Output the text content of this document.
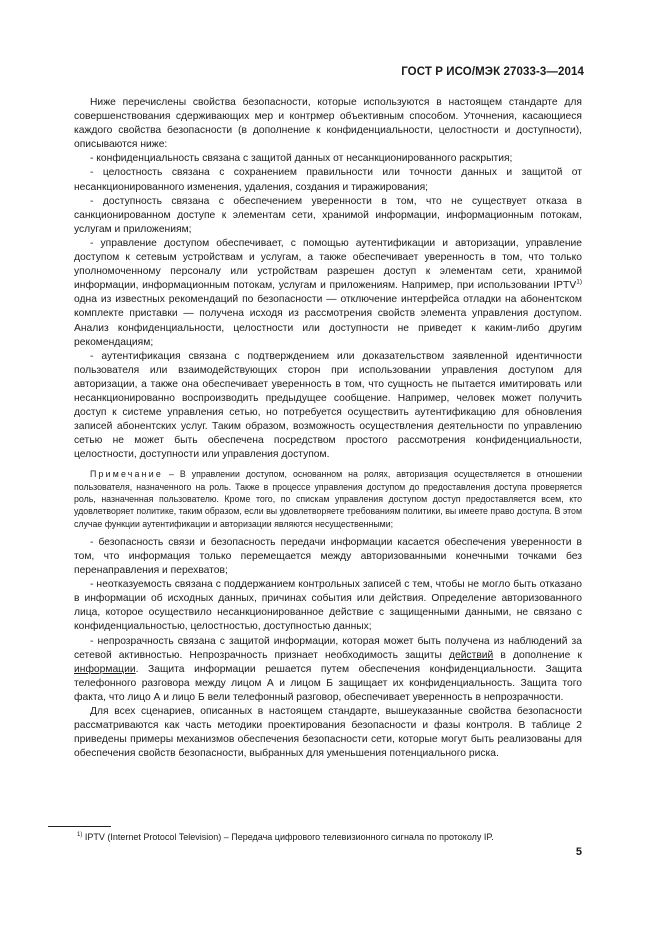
ГОСТ Р ИСО/МЭК 27033-3—2014

Ниже перечислены свойства безопасности, которые используются в настоящем стандарте для совершенствования сдерживающих мер и контрмер объективным способом. Уточнения, касающиеся каждого свойства безопасности (в дополнение к конфиденциальности, целостности и доступности), описываются ниже:

- конфиденциальность связана с защитой данных от несанкционированного раскрытия;

- целостность связана с сохранением правильности или точности данных и защитой от несанкционированного изменения, удаления, создания и тиражирования;

- доступность связана с обеспечением уверенности в том, что не существует отказа в санкционированном доступе к элементам сети, хранимой информации, информационным потокам, услугам и приложениям;

- управление доступом обеспечивает, с помощью аутентификации и авторизации, управление доступом к сетевым устройствам и услугам, а также обеспечивает уверенность в том, что только уполномоченному персоналу или устройствам разрешен доступ к элементам сети, хранимой информации, информационным потокам, услугам и приложениям. Например, при использовании IPTV$^{1)}$ одна из известных рекомендаций по безопасности — отключение интерфейса отладки на абонентском комплекте приставки — получена исходя из рассмотрения свойств элемента управления доступом. Анализ конфиденциальности, целостности или доступности не приведет к каким-либо другим рекомендациям;

- аутентификация связана с подтверждением или доказательством заявленной идентичности пользователя или взаимодействующих сторон при использовании управления доступом для авторизации, а также она обеспечивает уверенность в том, что сущность не пытается имитировать или несанкционированно воспроизводить предыдущее сообщение. Например, человек может получить доступ к системе управления сетью, но потребуется осуществить аутентификацию для обновления записей абонентских услуг. Таким образом, возможность осуществления деятельности по управлению сетью не может быть обеспечена посредством простого рассмотрения конфиденциальности, целостности, доступности или управления доступом.

Примечание – В управлении доступом, основанном на ролях, авторизация осуществляется в отношении пользователя, назначенного на роль. Также в процессе управления доступом до предоставления доступа проверяется роль, назначенная пользователю. Кроме того, по спискам управления доступом доступ предоставляется всем, кто удовлетворяет политике, таким образом, если вы удовлетворяете требованиям политики, вы имеете право доступа. В этом случае функции аутентификации и авторизации являются несущественными;

- безопасность связи и безопасность передачи информации касается обеспечения уверенности в том, что информация только перемещается между авторизованными конечными точками без перенаправления и перехватов;

- неотказуемость связана с поддержанием контрольных записей с тем, чтобы не могло быть отказано в информации об исходных данных, причинах события или действия. Определение авторизованного лица, которое осуществило несанкционированное действие с защищенными данными, не связано с конфиденциальностью, целостностью, доступностью данных;

- непрозрачность связана с защитой информации, которая может быть получена из наблюдений за сетевой активностью. Непрозрачность признает необходимость защиты действий в дополнение к информации. Защита информации решается путем обеспечения конфиденциальности. Защита телефонного разговора между лицом А и лицом Б защищает их конфиденциальность. Защита того факта, что лицо А и лицо Б вели телефонный разговор, обеспечивает уверенность в непрозрачности.

Для всех сценариев, описанных в настоящем стандарте, вышеуказанные свойства безопасности рассматриваются как часть методики проектирования безопасности и фазы контроля. В таблице 2 приведены примеры механизмов обеспечения безопасности сети, которые могут быть реализованы для обеспечения свойств безопасности, выбранных для уменьшения потенциального риска.

$^{1)}$ IPTV (Internet Protocol Television) – Передача цифрового телевизионного сигнала по протоколу IP.
5
